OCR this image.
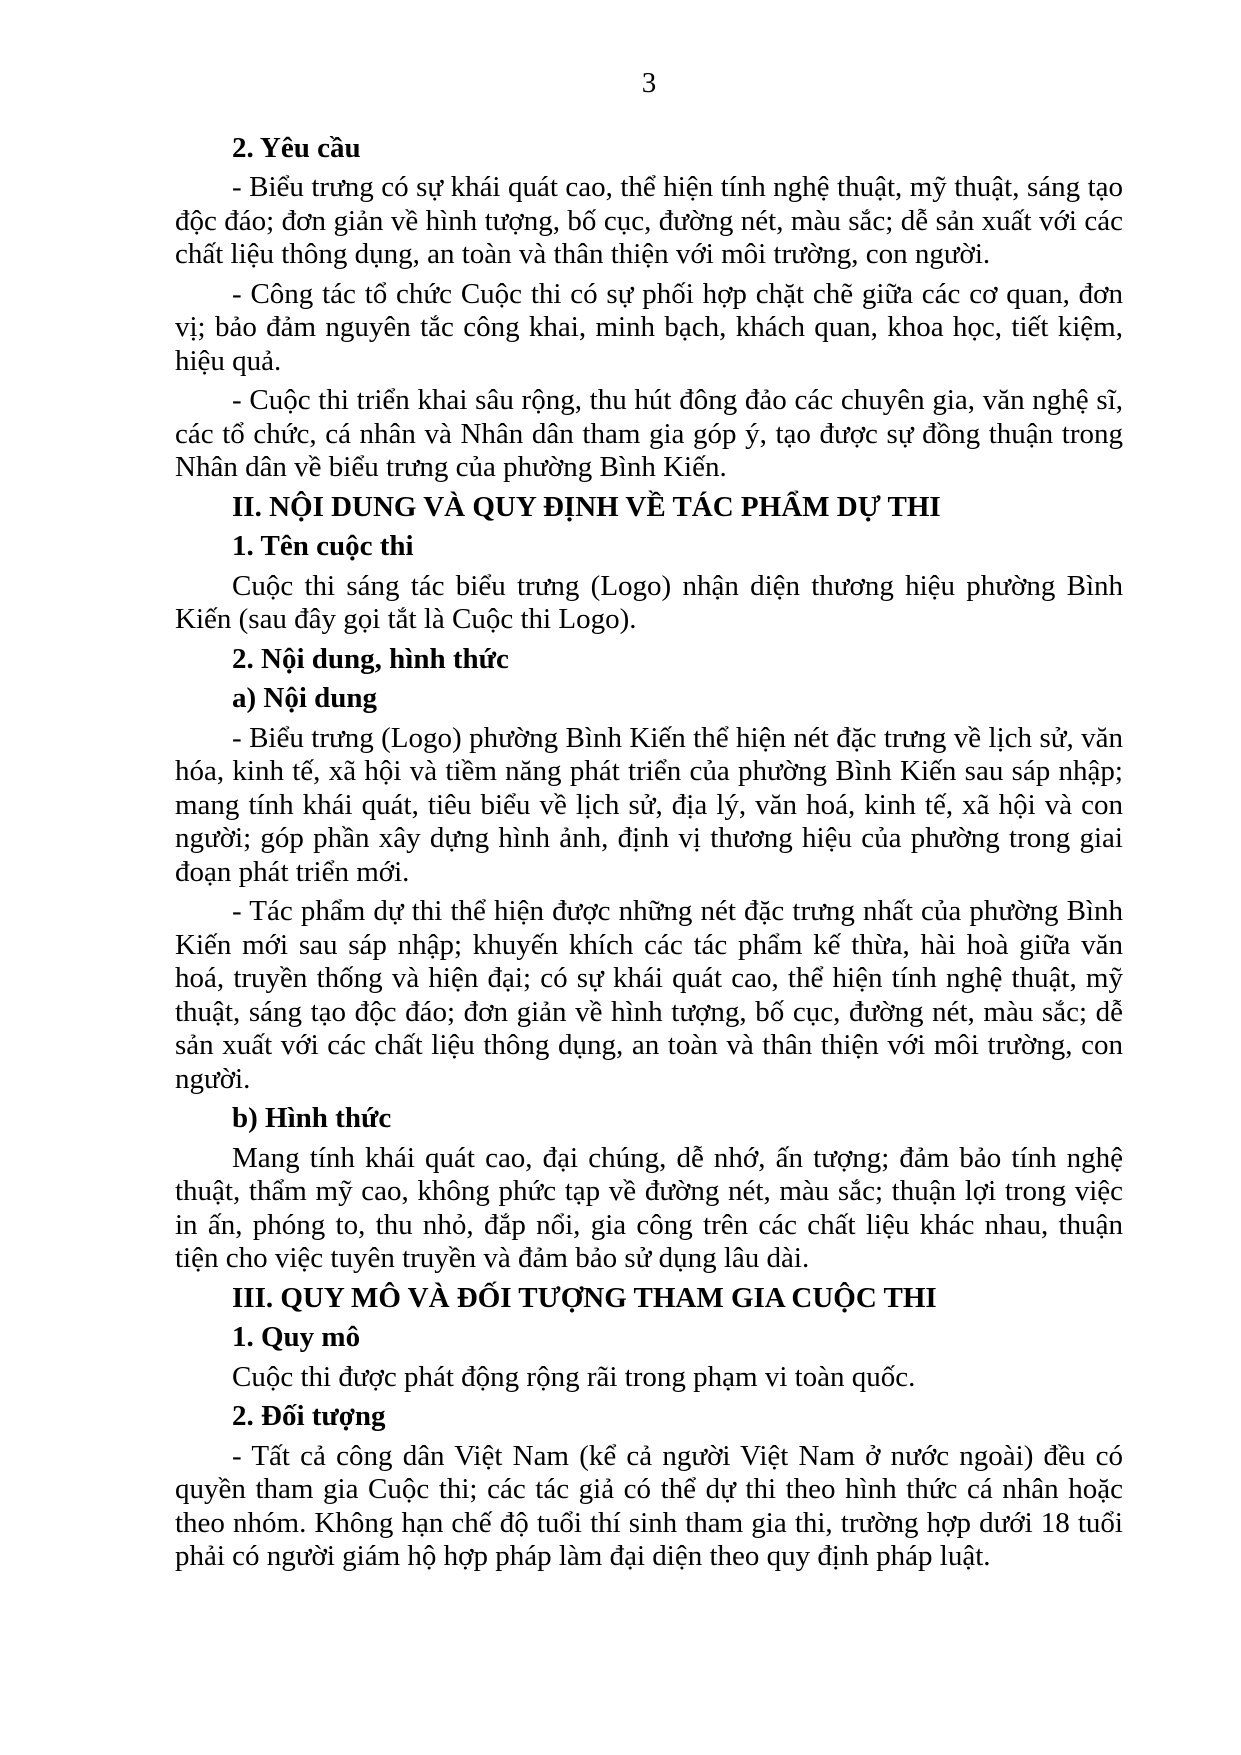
3

2. Yêu cầu

- Biểu trưng có sự khái quát cao, thể hiện tính nghệ thuật, mỹ thuật, sáng tạo độc đáo; đơn giản về hình tượng, bố cục, đường nét, màu sắc; dễ sản xuất với các chất liệu thông dụng, an toàn và thân thiện với môi trường, con người.

- Công tác tổ chức Cuộc thi có sự phối hợp chặt chẽ giữa các cơ quan, đơn vị; bảo đảm nguyên tắc công khai, minh bạch, khách quan, khoa học, tiết kiệm, hiệu quả.

- Cuộc thi triển khai sâu rộng, thu hút đông đảo các chuyên gia, văn nghệ sĩ, các tổ chức, cá nhân và Nhân dân tham gia góp ý, tạo được sự đồng thuận trong Nhân dân về biểu trưng của phường Bình Kiến.

II. NỘI DUNG VÀ QUY ĐỊNH VỀ TÁC PHẨM DỰ THI

1. Tên cuộc thi

Cuộc thi sáng tác biểu trưng (Logo) nhận diện thương hiệu phường Bình Kiến (sau đây gọi tắt là Cuộc thi Logo).

2. Nội dung, hình thức

a) Nội dung

- Biểu trưng (Logo) phường Bình Kiến thể hiện nét đặc trưng về lịch sử, văn hóa, kinh tế, xã hội và tiềm năng phát triển của phường Bình Kiến sau sáp nhập; mang tính khái quát, tiêu biểu về lịch sử, địa lý, văn hoá, kinh tế, xã hội và con người; góp phần xây dựng hình ảnh, định vị thương hiệu của phường trong giai đoạn phát triển mới.

- Tác phẩm dự thi thể hiện được những nét đặc trưng nhất của phường Bình Kiến mới sau sáp nhập; khuyến khích các tác phẩm kế thừa, hài hoà giữa văn hoá, truyền thống và hiện đại; có sự khái quát cao, thể hiện tính nghệ thuật, mỹ thuật, sáng tạo độc đáo; đơn giản về hình tượng, bố cục, đường nét, màu sắc; dễ sản xuất với các chất liệu thông dụng, an toàn và thân thiện với môi trường, con người.

b) Hình thức

Mang tính khái quát cao, đại chúng, dễ nhớ, ấn tượng; đảm bảo tính nghệ thuật, thẩm mỹ cao, không phức tạp về đường nét, màu sắc; thuận lợi trong việc in ấn, phóng to, thu nhỏ, đắp nổi, gia công trên các chất liệu khác nhau, thuận tiện cho việc tuyên truyền và đảm bảo sử dụng lâu dài.

III. QUY MÔ VÀ ĐỐI TƯỢNG THAM GIA CUỘC THI

1. Quy mô

Cuộc thi được phát động rộng rãi trong phạm vi toàn quốc.

2. Đối tượng

- Tất cả công dân Việt Nam (kể cả người Việt Nam ở nước ngoài) đều có quyền tham gia Cuộc thi; các tác giả có thể dự thi theo hình thức cá nhân hoặc theo nhóm. Không hạn chế độ tuổi thí sinh tham gia thi, trường hợp dưới 18 tuổi phải có người giám hộ hợp pháp làm đại diện theo quy định pháp luật.
